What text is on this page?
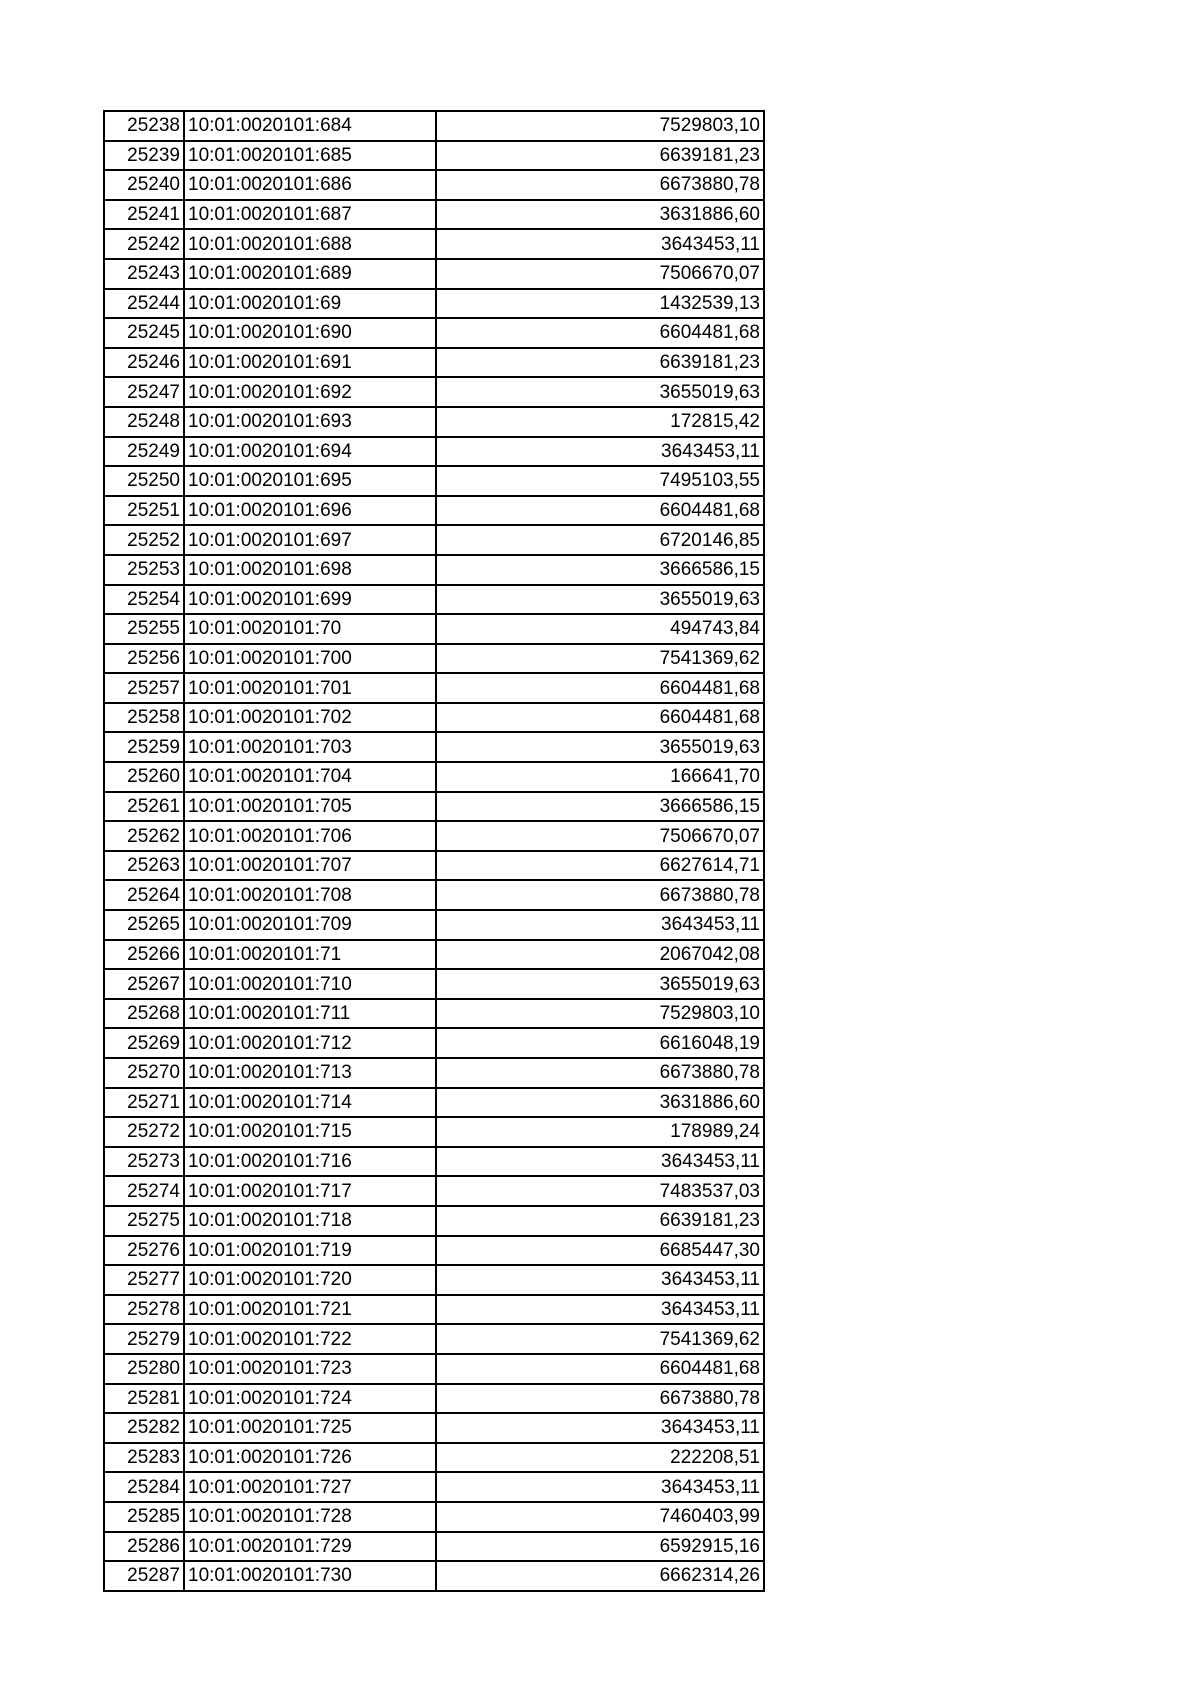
25238	10:01:0020101:684	7529803,10
25239	10:01:0020101:685	6639181,23
25240	10:01:0020101:686	6673880,78
25241	10:01:0020101:687	3631886,60
25242	10:01:0020101:688	3643453,11
25243	10:01:0020101:689	7506670,07
25244	10:01:0020101:69	1432539,13
25245	10:01:0020101:690	6604481,68
25246	10:01:0020101:691	6639181,23
25247	10:01:0020101:692	3655019,63
25248	10:01:0020101:693	172815,42
25249	10:01:0020101:694	3643453,11
25250	10:01:0020101:695	7495103,55
25251	10:01:0020101:696	6604481,68
25252	10:01:0020101:697	6720146,85
25253	10:01:0020101:698	3666586,15
25254	10:01:0020101:699	3655019,63
25255	10:01:0020101:70	494743,84
25256	10:01:0020101:700	7541369,62
25257	10:01:0020101:701	6604481,68
25258	10:01:0020101:702	6604481,68
25259	10:01:0020101:703	3655019,63
25260	10:01:0020101:704	166641,70
25261	10:01:0020101:705	3666586,15
25262	10:01:0020101:706	7506670,07
25263	10:01:0020101:707	6627614,71
25264	10:01:0020101:708	6673880,78
25265	10:01:0020101:709	3643453,11
25266	10:01:0020101:71	2067042,08
25267	10:01:0020101:710	3655019,63
25268	10:01:0020101:711	7529803,10
25269	10:01:0020101:712	6616048,19
25270	10:01:0020101:713	6673880,78
25271	10:01:0020101:714	3631886,60
25272	10:01:0020101:715	178989,24
25273	10:01:0020101:716	3643453,11
25274	10:01:0020101:717	7483537,03
25275	10:01:0020101:718	6639181,23
25276	10:01:0020101:719	6685447,30
25277	10:01:0020101:720	3643453,11
25278	10:01:0020101:721	3643453,11
25279	10:01:0020101:722	7541369,62
25280	10:01:0020101:723	6604481,68
25281	10:01:0020101:724	6673880,78
25282	10:01:0020101:725	3643453,11
25283	10:01:0020101:726	222208,51
25284	10:01:0020101:727	3643453,11
25285	10:01:0020101:728	7460403,99
25286	10:01:0020101:729	6592915,16
25287	10:01:0020101:730	6662314,26
